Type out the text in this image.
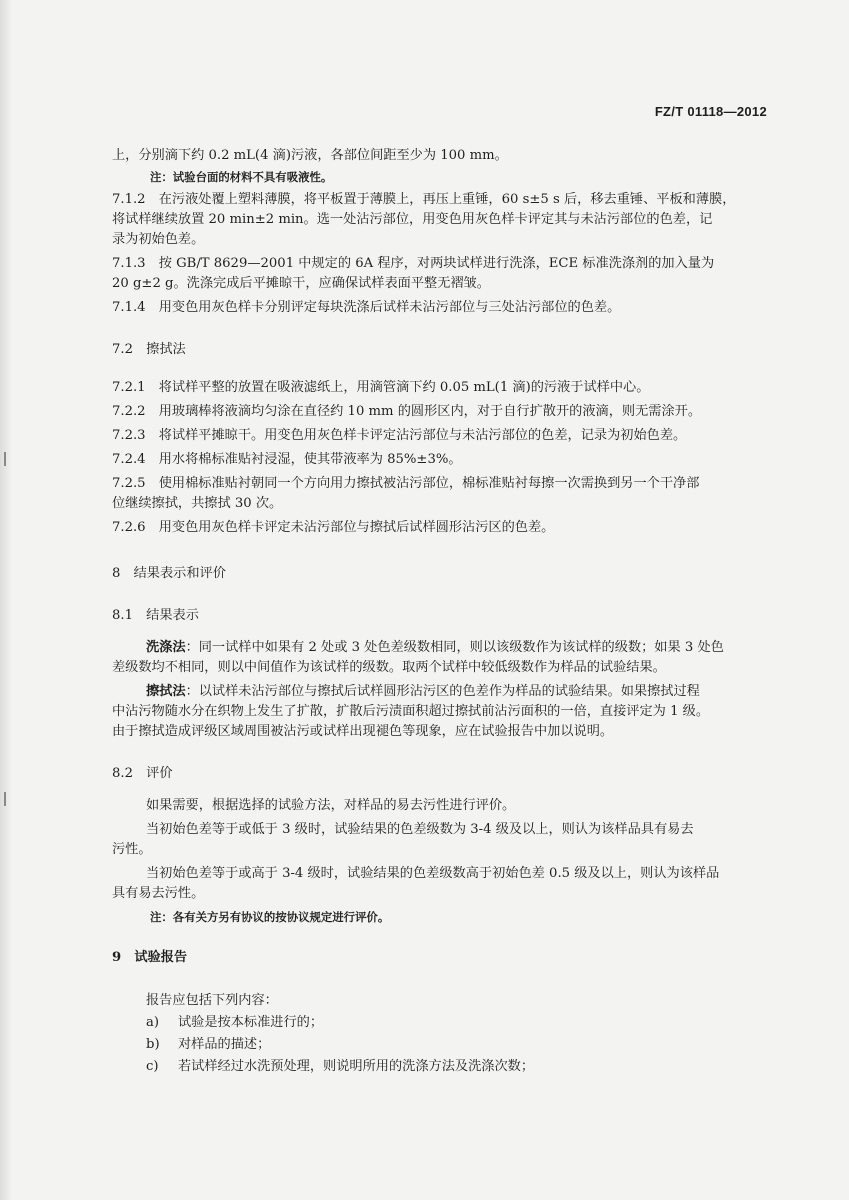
FZ/T 01118—2012

上，分别滴下约 0.2 mL(4 滴)污液，各部位间距至少为 100 mm。

注：试验台面的材料不具有吸液性。

7.1.2　在污液处覆上塑料薄膜，将平板置于薄膜上，再压上重锤，60 s±5 s 后，移去重锤、平板和薄膜，

将试样继续放置 20 min±2 min。选一处沾污部位，用变色用灰色样卡评定其与未沾污部位的色差，记

录为初始色差。

7.1.3　按 GB/T 8629—2001 中规定的 6A 程序，对两块试样进行洗涤，ECE 标准洗涤剂的加入量为

20 g±2 g。洗涤完成后平摊晾干，应确保试样表面平整无褶皱。

7.1.4　用变色用灰色样卡分别评定每块洗涤后试样未沾污部位与三处沾污部位的色差。

7.2　擦拭法

7.2.1　将试样平整的放置在吸液滤纸上，用滴管滴下约 0.05 mL(1 滴)的污液于试样中心。

7.2.2　用玻璃棒将液滴均匀涂在直径约 10 mm 的圆形区内，对于自行扩散开的液滴，则无需涂开。

7.2.3　将试样平摊晾干。用变色用灰色样卡评定沾污部位与未沾污部位的色差，记录为初始色差。

7.2.4　用水将棉标准贴衬浸湿，使其带液率为 85%±3%。

7.2.5　使用棉标准贴衬朝同一个方向用力擦拭被沾污部位，棉标准贴衬每擦一次需换到另一个干净部

位继续擦拭，共擦拭 30 次。

7.2.6　用变色用灰色样卡评定未沾污部位与擦拭后试样圆形沾污区的色差。

8　结果表示和评价

8.1　结果表示

洗涤法：同一试样中如果有 2 处或 3 处色差级数相同，则以该级数作为该试样的级数；如果 3 处色

差级数均不相同，则以中间值作为该试样的级数。取两个试样中较低级数作为样品的试验结果。

擦拭法：以试样未沾污部位与擦拭后试样圆形沾污区的色差作为样品的试验结果。如果擦拭过程

中沾污物随水分在织物上发生了扩散，扩散后污渍面积超过擦拭前沾污面积的一倍，直接评定为 1 级。

由于擦拭造成评级区域周围被沾污或试样出现褪色等现象，应在试验报告中加以说明。

8.2　评价

如果需要，根据选择的试验方法，对样品的易去污性进行评价。

当初始色差等于或低于 3 级时，试验结果的色差级数为 3-4 级及以上，则认为该样品具有易去

污性。

当初始色差等于或高于 3-4 级时，试验结果的色差级数高于初始色差 0.5 级及以上，则认为该样品

具有易去污性。

注：各有关方另有协议的按协议规定进行评价。

9　试验报告

报告应包括下列内容：

a) 试验是按本标准进行的；

b) 对样品的描述；

c) 若试样经过水洗预处理，则说明所用的洗涤方法及洗涤次数；
